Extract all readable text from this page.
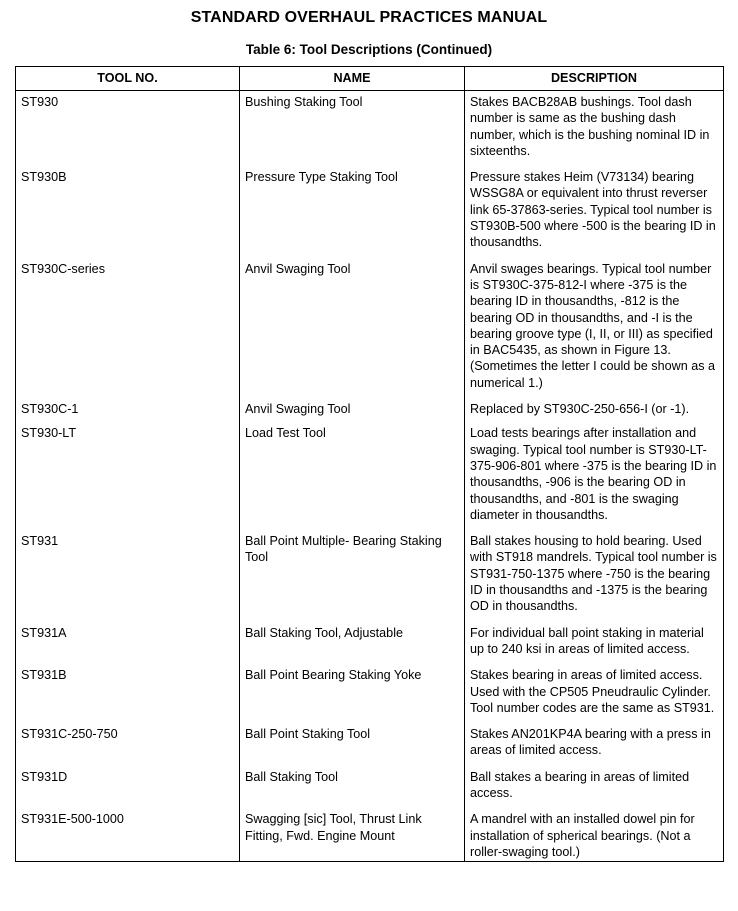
STANDARD OVERHAUL PRACTICES MANUAL
Table 6: Tool Descriptions (Continued)
TOOL NO.	NAME	DESCRIPTION
ST930	Bushing Staking Tool	Stakes BACB28AB bushings. Tool dash number is same as the bushing dash number, which is the bushing nominal ID in sixteenths.
ST930B	Pressure Type Staking Tool	Pressure stakes Heim (V73134) bearing WSSG8A or equivalent into thrust reverser link 65-37863-series. Typical tool number is ST930B-500 where -500 is the bearing ID in thousandths.
ST930C-series	Anvil Swaging Tool	Anvil swages bearings. Typical tool number is ST930C-375-812-I where -375 is the bearing ID in thousandths, -812 is the bearing OD in thousandths, and -I is the bearing groove type (I, II, or III) as specified in BAC5435, as shown in Figure 13. (Sometimes the letter I could be shown as a numerical 1.)
ST930C-1	Anvil Swaging Tool	Replaced by ST930C-250-656-I (or -1).
ST930-LT	Load Test Tool	Load tests bearings after installation and swaging. Typical tool number is ST930-LT-375-906-801 where -375 is the bearing ID in thousandths, -906 is the bearing OD in thousandths, and -801 is the swaging diameter in thousandths.
ST931	Ball Point Multiple- Bearing Staking Tool	Ball stakes housing to hold bearing. Used with ST918 mandrels. Typical tool number is ST931-750-1375 where -750 is the bearing ID in thousandths and -1375 is the bearing OD in thousandths.
ST931A	Ball Staking Tool, Adjustable	For individual ball point staking in material up to 240 ksi in areas of limited access.
ST931B	Ball Point Bearing Staking Yoke	Stakes bearing in areas of limited access. Used with the CP505 Pneudraulic Cylinder. Tool number codes are the same as ST931.
ST931C-250-750	Ball Point Staking Tool	Stakes AN201KP4A bearing with a press in areas of limited access.
ST931D	Ball Staking Tool	Ball stakes a bearing in areas of limited access.
ST931E-500-1000	Swagging [sic] Tool, Thrust Link Fitting, Fwd. Engine Mount	A mandrel with an installed dowel pin for installation of spherical bearings. (Not a roller-swaging tool.)
